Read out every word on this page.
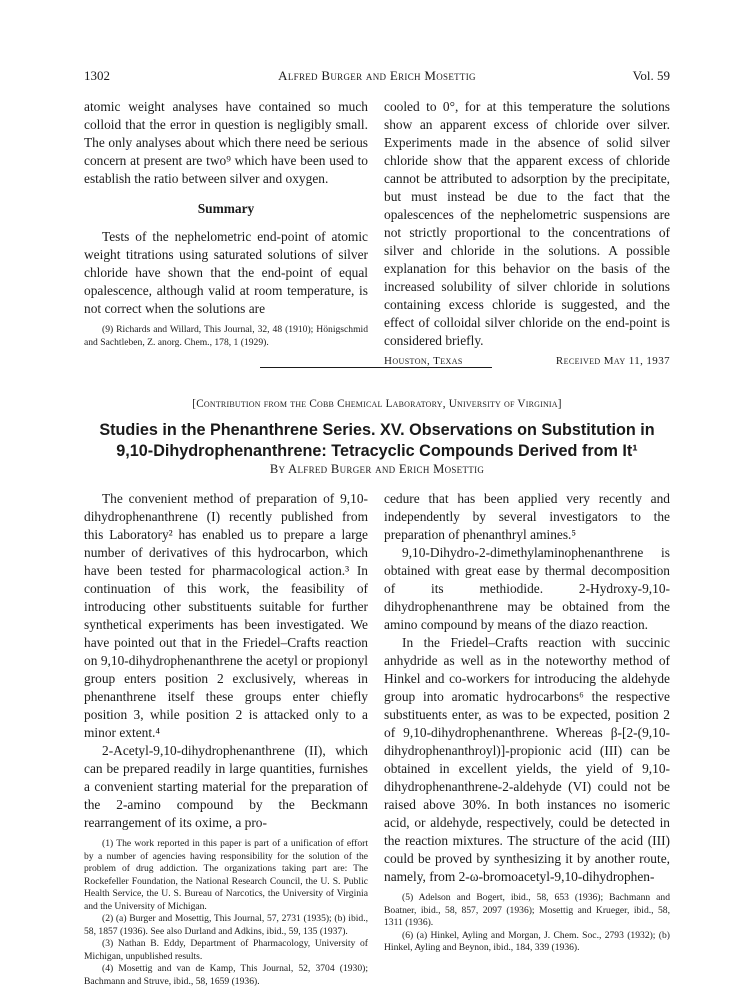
1302	Alfred Burger and Erich Mosettig	Vol. 59

atomic weight analyses have contained so much colloid that the error in question is negligibly small. The only analyses about which there need be serious concern at present are two⁹ which have been used to establish the ratio between silver and oxygen.

Summary

Tests of the nephelometric end-point of atomic weight titrations using saturated solutions of silver chloride have shown that the end-point of equal opalescence, although valid at room temperature, is not correct when the solutions are

(9) Richards and Willard, This Journal, 32, 48 (1910); Hönigschmid and Sachtleben, Z. anorg. Chem., 178, 1 (1929).

cooled to 0°, for at this temperature the solutions show an apparent excess of chloride over silver. Experiments made in the absence of solid silver chloride show that the apparent excess of chloride cannot be attributed to adsorption by the precipitate, but must instead be due to the fact that the opalescences of the nephelometric suspensions are not strictly proportional to the concentrations of silver and chloride in the solutions. A possible explanation for this behavior on the basis of the increased solubility of silver chloride in solutions containing excess chloride is suggested, and the effect of colloidal silver chloride on the end-point is considered briefly.

Houston, Texas	Received May 11, 1937
[Contribution from the Cobb Chemical Laboratory, University of Virginia]
Studies in the Phenanthrene Series. XV. Observations on Substitution in
9,10-Dihydrophenanthrene: Tetracyclic Compounds Derived from It¹
By Alfred Burger and Erich Mosettig

The convenient method of preparation of 9,10-dihydrophenanthrene (I) recently published from this Laboratory² has enabled us to prepare a large number of derivatives of this hydrocarbon, which have been tested for pharmacological action.³ In continuation of this work, the feasibility of introducing other substituents suitable for further synthetical experiments has been investigated. We have pointed out that in the Friedel–Crafts reaction on 9,10-dihydrophenanthrene the acetyl or propionyl group enters position 2 exclusively, whereas in phenanthrene itself these groups enter chiefly position 3, while position 2 is attacked only to a minor extent.⁴

2-Acetyl-9,10-dihydrophenanthrene (II), which can be prepared readily in large quantities, furnishes a convenient starting material for the preparation of the 2-amino compound by the Beckmann rearrangement of its oxime, a pro-

(1) The work reported in this paper is part of a unification of effort by a number of agencies having responsibility for the solution of the problem of drug addiction. The organizations taking part are: The Rockefeller Foundation, the National Research Council, the U. S. Public Health Service, the U. S. Bureau of Narcotics, the University of Virginia and the University of Michigan.

(2) (a) Burger and Mosettig, This Journal, 57, 2731 (1935); (b) ibid., 58, 1857 (1936). See also Durland and Adkins, ibid., 59, 135 (1937).

(3) Nathan B. Eddy, Department of Pharmacology, University of Michigan, unpublished results.

(4) Mosettig and van de Kamp, This Journal, 52, 3704 (1930); Bachmann and Struve, ibid., 58, 1659 (1936).

cedure that has been applied very recently and independently by several investigators to the preparation of phenanthryl amines.⁵

9,10-Dihydro-2-dimethylaminophenanthrene is obtained with great ease by thermal decomposition of its methiodide. 2-Hydroxy-9,10-dihydrophenanthrene may be obtained from the amino compound by means of the diazo reaction.

In the Friedel–Crafts reaction with succinic anhydride as well as in the noteworthy method of Hinkel and co-workers for introducing the aldehyde group into aromatic hydrocarbons⁶ the respective substituents enter, as was to be expected, position 2 of 9,10-dihydrophenanthrene. Whereas β-[2-(9,10-dihydrophenanthroyl)]-propionic acid (III) can be obtained in excellent yields, the yield of 9,10-dihydrophenanthrene-2-aldehyde (VI) could not be raised above 30%. In both instances no isomeric acid, or aldehyde, respectively, could be detected in the reaction mixtures. The structure of the acid (III) could be proved by synthesizing it by another route, namely, from 2-ω-bromoacetyl-9,10-dihydrophen-

(5) Adelson and Bogert, ibid., 58, 653 (1936); Bachmann and Boatner, ibid., 58, 857, 2097 (1936); Mosettig and Krueger, ibid., 58, 1311 (1936).

(6) (a) Hinkel, Ayling and Morgan, J. Chem. Soc., 2793 (1932); (b) Hinkel, Ayling and Beynon, ibid., 184, 339 (1936).
